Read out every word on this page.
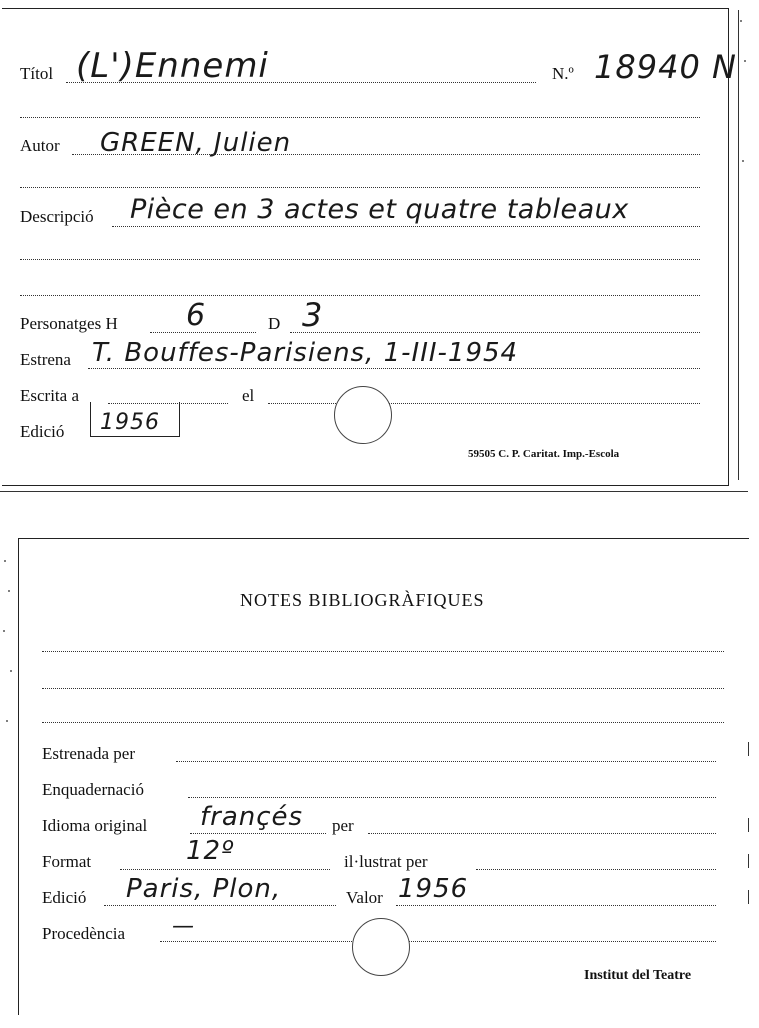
Títol (L')Ennemi	N.º 18940 N
Autor GREEN, Julien
Descripció Pièce en 3 actes et quatre tableaux
Personatges H 6	D 3
Estrena T. Bouffes-Parisiens, 1-III-1954
Escrita a	el
Edició 1956
59505 C. P. Caritat. Imp.-Escola
NOTES BIBLIOGRÀFIQUES
Estrenada per
Enquadernació
Idioma original françés per
Format	12º	il·lustrat per
Edició Paris, Plon,	Valor 1956
Procedència —
Institut del Teatre
